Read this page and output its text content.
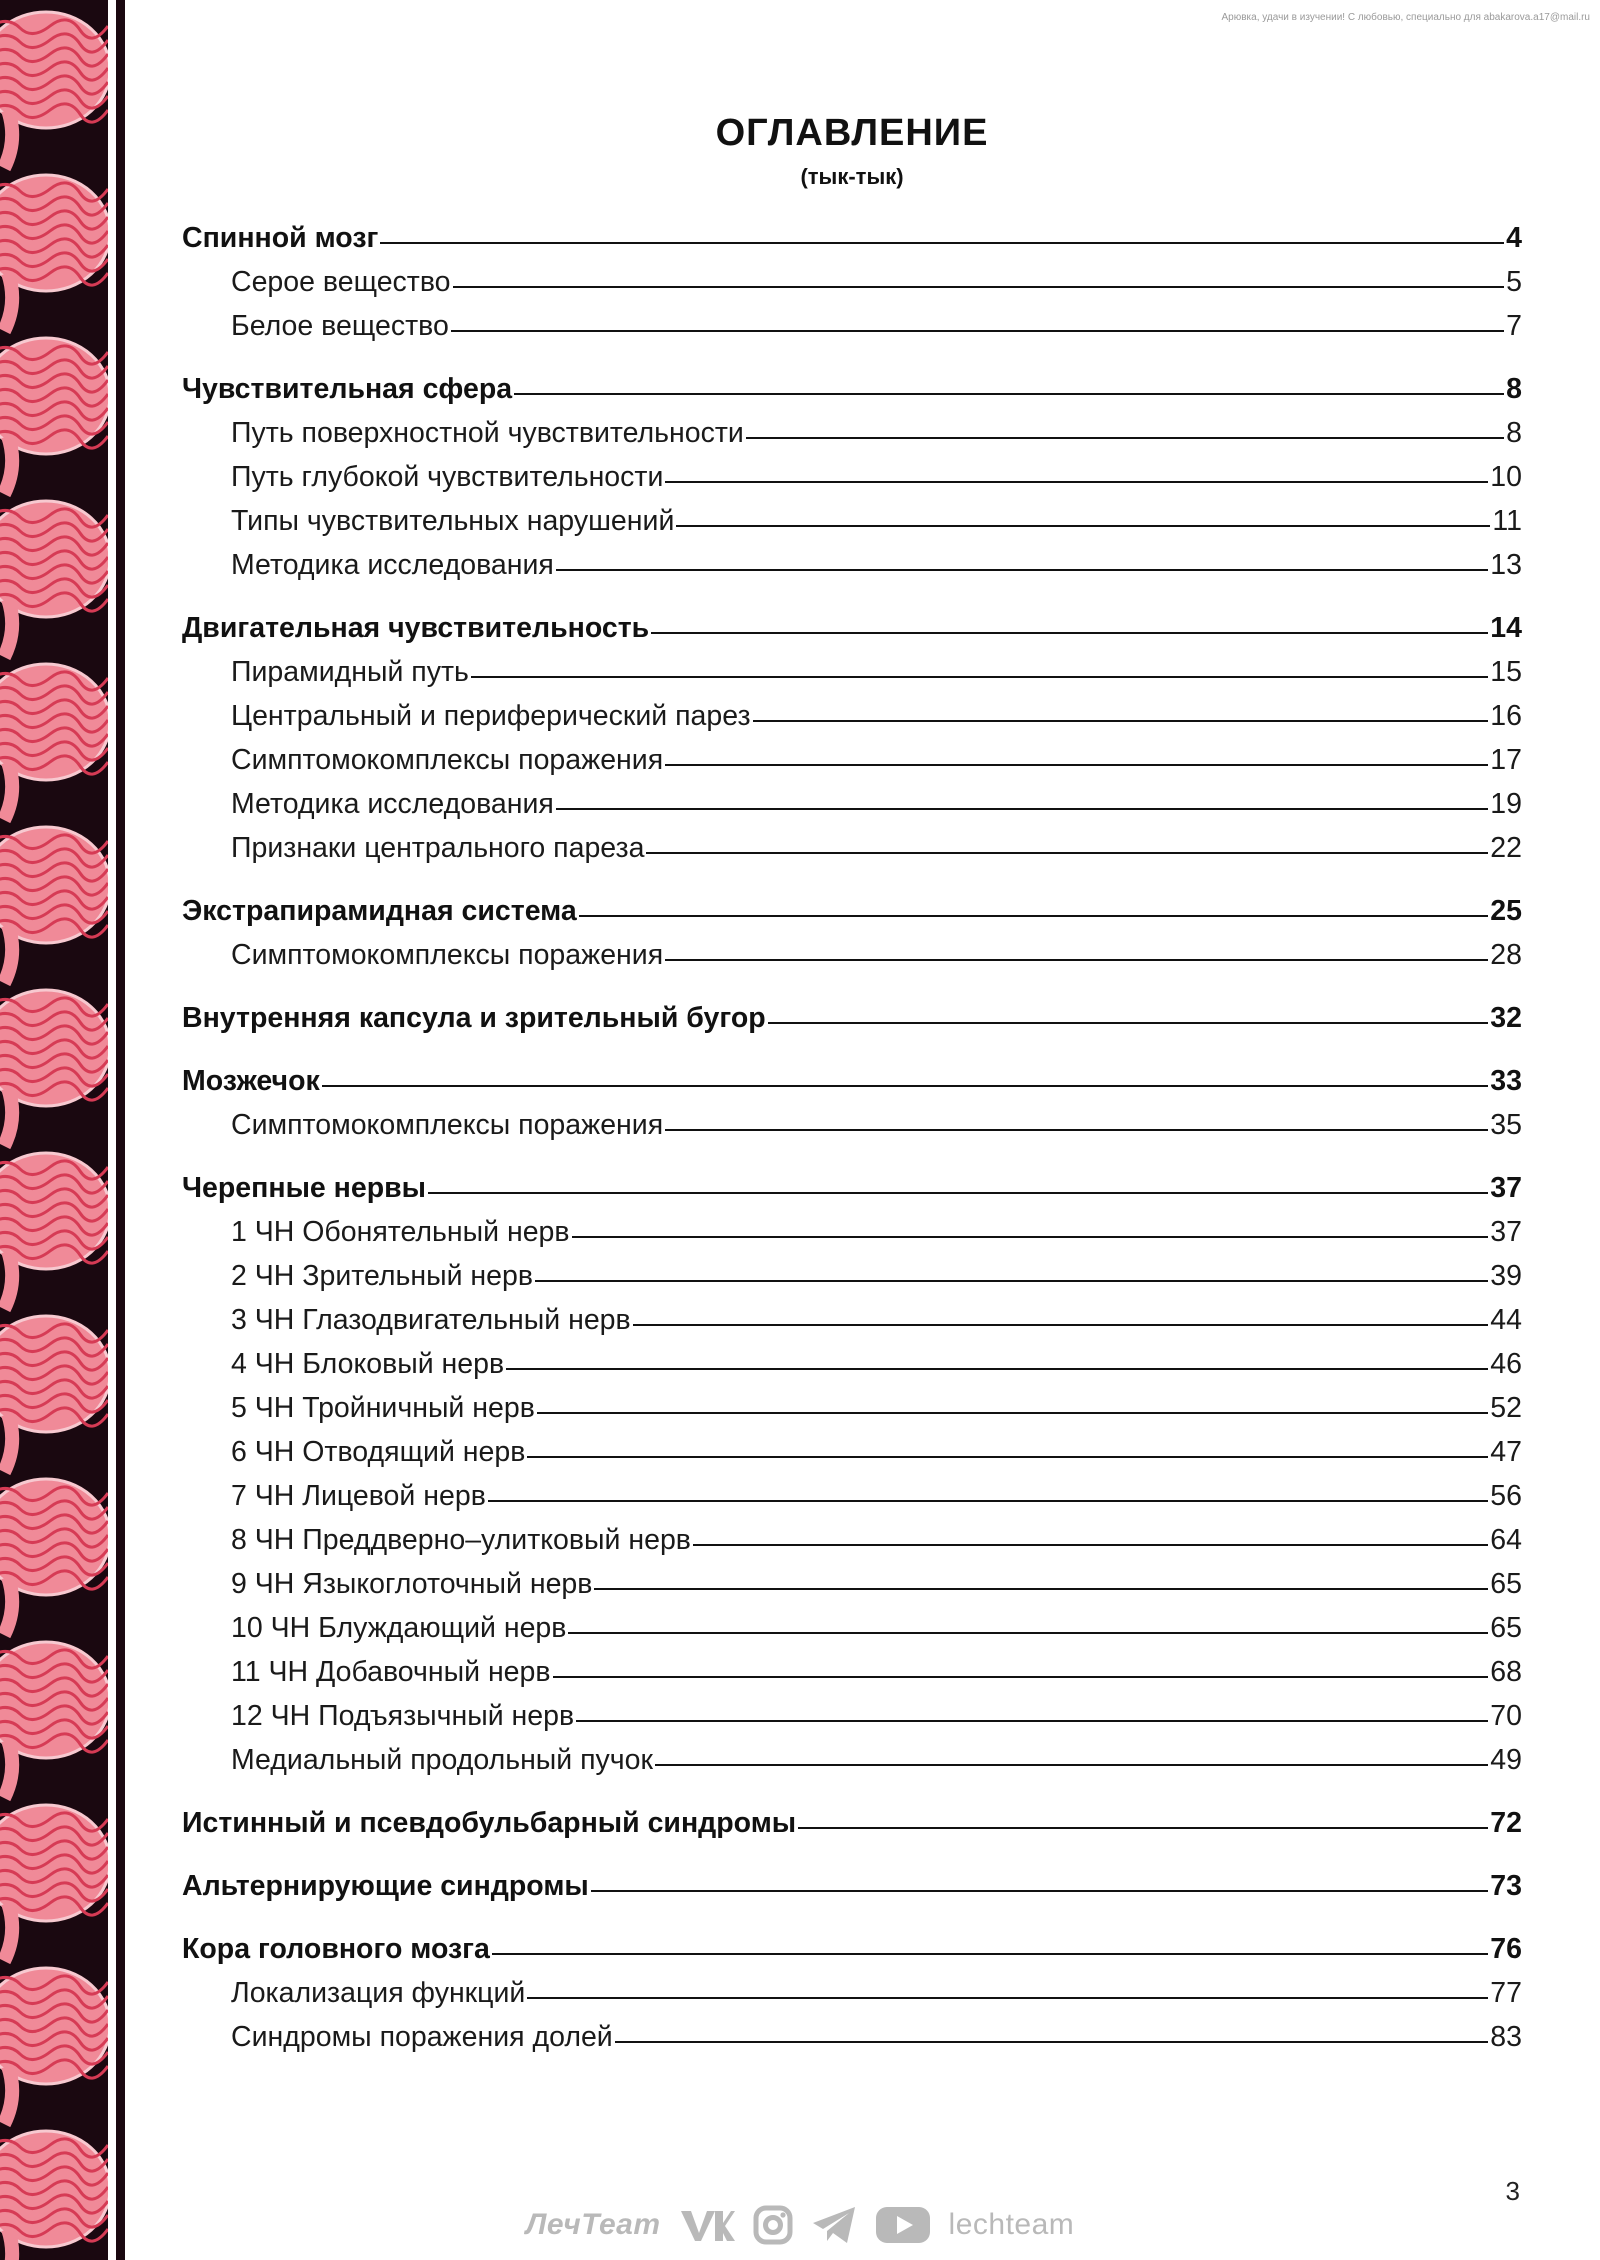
Арювка, удачи в изучении! С любовью, специально для abakarova.a17@mail.ru
ОГЛАВЛЕНИЕ
(тык-тык)
Спинной мозг	4
Серое вещество	5
Белое вещество	7
Чувствительная сфера	8
Путь поверхностной чувствительности	8
Путь глубокой чувствительности	10
Типы чувствительных нарушений	11
Методика исследования	13
Двигательная чувствительность	14
Пирамидный путь	15
Центральный и периферический парез	16
Симптомокомплексы поражения	17
Методика исследования	19
Признаки центрального пареза	22
Экстрапирамидная система	25
Симптомокомплексы поражения	28
Внутренняя капсула и зрительный бугор	32
Мозжечок	33
Симптомокомплексы поражения	35
Черепные нервы	37
1 ЧН Обонятельный нерв	37
2 ЧН Зрительный нерв	39
3 ЧН Глазодвигательный нерв	44
4 ЧН Блоковый нерв	46
5 ЧН Тройничный нерв	52
6 ЧН Отводящий нерв	47
7 ЧН Лицевой нерв	56
8 ЧН Преддверно–улитковый нерв	64
9 ЧН Языкоглоточный нерв	65
10 ЧН Блуждающий нерв	65
11 ЧН Добавочный нерв	68
12 ЧН Подъязычный нерв	70
Медиальный продольный пучок	49
Истинный и псевдобульбарный синдромы	72
Альтернирующие синдромы	73
Кора головного мозга	76
Локализация функций	77
Синдромы поражения долей	83
3
ЛечTeam	lechteam
